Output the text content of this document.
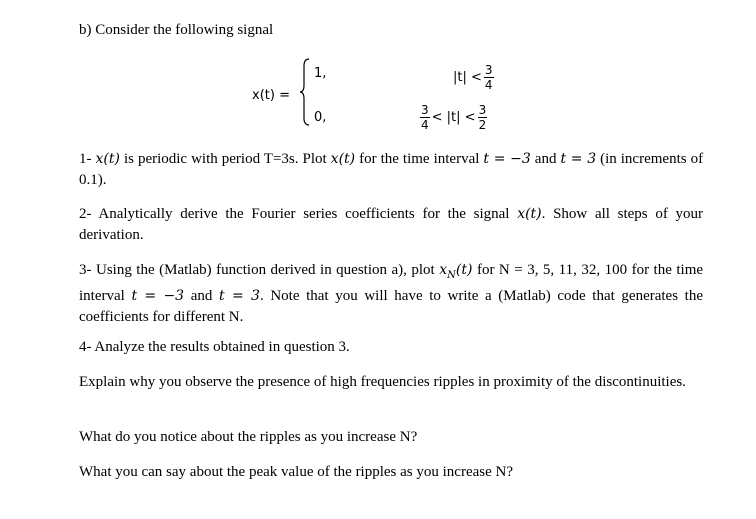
b) Consider the following signal
x(t) =
1,
0,
$|t| < \frac{3}{4}$
$\frac{3}{4} < |t| < \frac{3}{2}$
1- x(t) is periodic with period T=3s. Plot x(t) for the time interval t = −3 and t = 3 (in increments of 0.1).
2- Analytically derive the Fourier series coefficients for the signal x(t). Show all steps of your derivation.
3- Using the (Matlab) function derived in question a), plot $x_N(t)$ for N = 3, 5, 11, 32, 100 for the time interval t = −3 and t = 3. Note that you will have to write a (Matlab) code that generates the coefficients for different N.
4- Analyze the results obtained in question 3.
Explain why you observe the presence of high frequencies ripples in proximity of the discontinuities.
What do you notice about the ripples as you increase N?
What you can say about the peak value of the ripples as you increase N?
